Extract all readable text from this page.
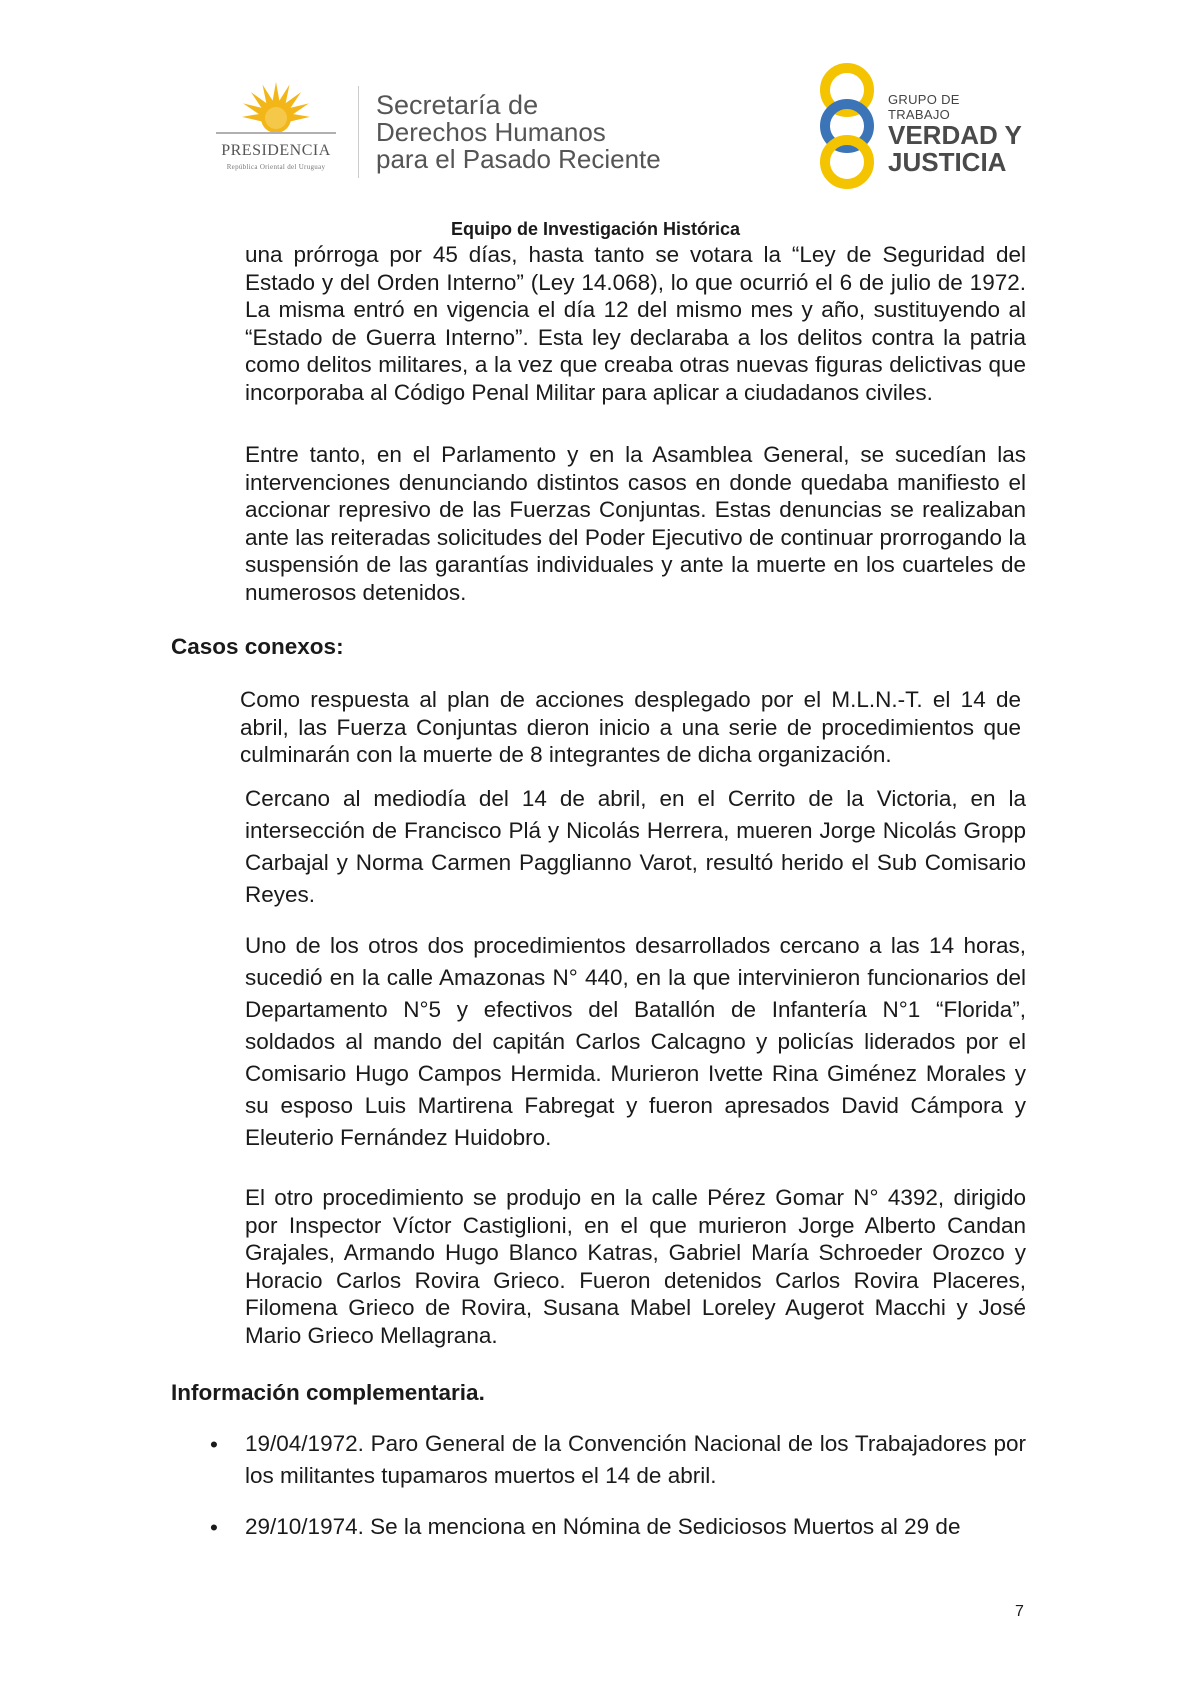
PRESIDENCIA
República Oriental del Uruguay
Secretaría de
Derechos Humanos
para el Pasado Reciente
GRUPO DE TRABAJO
VERDAD Y
JUSTICIA
Equipo de Investigación Histórica

una prórroga por 45 días, hasta tanto se votara la “Ley de Seguridad del Estado y del Orden Interno” (Ley 14.068), lo que ocurrió el 6 de julio de 1972. La misma entró en vigencia el día 12 del mismo mes y año, sustituyendo al “Estado de Guerra Interno”. Esta ley declaraba a los delitos contra la patria como delitos militares, a la vez que creaba otras nuevas figuras delictivas que incorporaba al Código Penal Militar para aplicar a ciudadanos civiles.

Entre tanto, en el Parlamento y en la Asamblea General, se sucedían las intervenciones denunciando distintos casos en donde quedaba manifiesto el accionar represivo de las Fuerzas Conjuntas. Estas denuncias se realizaban ante las reiteradas solicitudes del Poder Ejecutivo de continuar prorrogando la suspensión de las garantías individuales y ante la muerte en los cuarteles de numerosos detenidos.

Casos conexos:

Como respuesta al plan de acciones desplegado por el M.L.N.-T. el 14 de abril, las Fuerza Conjuntas dieron inicio a una serie de procedimientos que culminarán con la muerte de 8 integrantes de dicha organización.

Cercano al mediodía del 14 de abril, en el Cerrito de la Victoria, en la intersección de Francisco Plá y Nicolás Herrera, mueren Jorge Nicolás Gropp Carbajal y Norma Carmen Pagglianno Varot, resultó herido el Sub Comisario Reyes.

Uno de los otros dos procedimientos desarrollados cercano a las 14 horas, sucedió en la calle Amazonas N° 440, en la que intervinieron funcionarios del Departamento N°5 y efectivos del Batallón de Infantería N°1 “Florida”, soldados al mando del capitán Carlos Calcagno y policías liderados por el Comisario Hugo Campos Hermida. Murieron Ivette Rina Giménez Morales y su esposo Luis Martirena Fabregat y fueron apresados David Cámpora y Eleuterio Fernández Huidobro.

El otro procedimiento se produjo en la calle Pérez Gomar N° 4392, dirigido por Inspector Víctor Castiglioni, en el que murieron Jorge Alberto Candan Grajales, Armando Hugo Blanco Katras, Gabriel María Schroeder Orozco y Horacio Carlos Rovira Grieco. Fueron detenidos Carlos Rovira Placeres, Filomena Grieco de Rovira, Susana Mabel Loreley Augerot Macchi y José Mario Grieco Mellagrana.

Información complementaria.
• 19/04/1972. Paro General de la Convención Nacional de los Trabajadores por los militantes tupamaros muertos el 14 de abril.

• 29/10/1974. Se la menciona en Nómina de Sediciosos Muertos al 29 de

7
